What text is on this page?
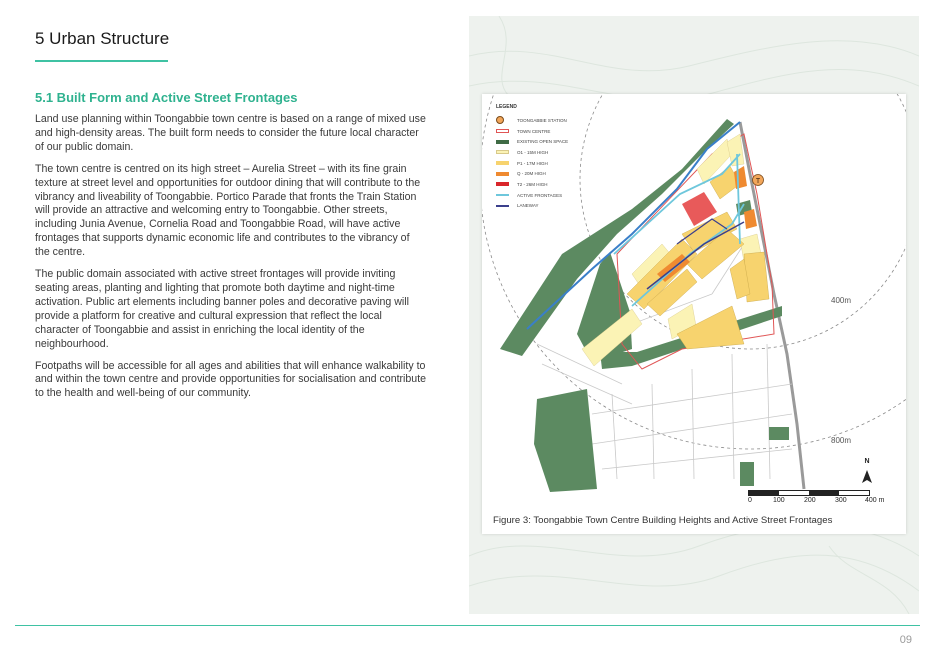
5 Urban Structure
5.1 Built Form and Active Street Frontages

Land use planning within Toongabbie town centre is based on a range of mixed use and high-density areas. The built form needs to consider the future local character of our public domain.

The town centre is centred on its high street – Aurelia Street – with its fine grain texture at street level and opportunities for outdoor dining that will contribute to the vibrancy and liveability of Toongabbie. Portico Parade that fronts the Train Station will provide an attractive and welcoming entry to Toongabbie. Other streets, including Junia Avenue, Cornelia Road and Toongabbie Road, will have active frontages that supports dynamic economic life and contributes to the vibrancy of the centre.

The public domain associated with active street frontages will provide inviting seating areas, planting and lighting that promote both daytime and night-time activation. Public art elements including banner poles and decorative paving will provide a platform for creative and cultural expression that reflect the local character of Toongabbie and assist in enriching the local identity of the neighbourhood.

Footpaths will be accessible for all ages and abilities that will enhance walkability to and within the town centre and provide opportunities for socialisation and contribute to the health and well-being of our community.

T
LEGEND
TOONGABBIE STATION
TOWN CENTRE
EXISTING OPEN SPACE
O1 - 15M HIGH
P1 - 17M HIGH
Q - 20M HIGH
T2 - 26M HIGH
ACTIVE FRONTAGES
LANEWAY
400m
800m
N
0	100	200	300	400 m
Figure 3: Toongabbie Town Centre Building Heights and Active Street Frontages
09
